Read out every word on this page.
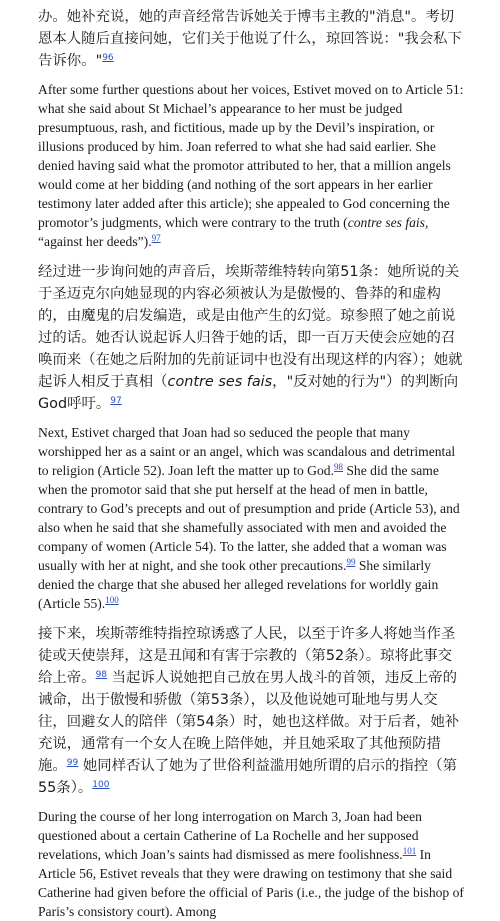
办。她补充说，她的声音经常告诉她关于博韦主教的"消息"。考切恩本人随后直接问她，它们关于他说了什么，琼回答说："我会私下告诉你。"$^{96}$

After some further questions about her voices, Estivet moved on to Article 51: what she said about St Michael’s appearance to her must be judged presumptuous, rash, and fictitious, made up by the Devil’s inspiration, or illusions produced by him. Joan referred to what she had said earlier. She denied having said what the promotor attributed to her, that a million angels would come at her bidding (and nothing of the sort appears in her earlier testimony later added after this article); she appealed to God concerning the promotor’s judgments, which were contrary to the truth (contre ses fais, “against her deeds”).$^{97}$

经过进一步询问她的声音后，埃斯蒂维特转向第51条：她所说的关于圣迈克尔向她显现的内容必须被认为是傲慢的、鲁莽的和虚构的，由魔鬼的启发编造，或是由他产生的幻觉。琼参照了她之前说过的话。她否认说起诉人归咎于她的话，即一百万天使会应她的召唤而来（在她之后附加的先前证词中也没有出现这样的内容）；她就起诉人相反于真相（contre ses fais，"反对她的行为"）的判断向God呼吁。$^{97}$

Next, Estivet charged that Joan had so seduced the people that many worshipped her as a saint or an angel, which was scandalous and detrimental to religion (Article 52). Joan left the matter up to God.$^{98}$ She did the same when the promotor said that she put herself at the head of men in battle, contrary to God’s precepts and out of presumption and pride (Article 53), and also when he said that she shamefully associated with men and avoided the company of women (Article 54). To the latter, she added that a woman was usually with her at night, and she took other precautions.$^{99}$ She similarly denied the charge that she abused her alleged revelations for worldly gain (Article 55).$^{100}$

接下来，埃斯蒂维特指控琼诱惑了人民，以至于许多人将她当作圣徒或天使崇拜，这是丑闻和有害于宗教的（第52条）。琼将此事交给上帝。$^{98}$ 当起诉人说她把自己放在男人战斗的首领，违反上帝的诫命，出于傲慢和骄傲（第53条），以及他说她可耻地与男人交往，回避女人的陪伴（第54条）时，她也这样做。对于后者，她补充说，通常有一个女人在晚上陪伴她，并且她采取了其他预防措施。$^{99}$ 她同样否认了她为了世俗利益滥用她所谓的启示的指控（第55条）。$^{100}$

During the course of her long interrogation on March 3, Joan had been questioned about a certain Catherine of La Rochelle and her supposed revelations, which Joan’s saints had dismissed as mere foolishness.$^{101}$ In Article 56, Estivet reveals that they were drawing on testimony that she said Catherine had given before the official of Paris (i.e., the judge of the bishop of Paris’s consistory court). Among
